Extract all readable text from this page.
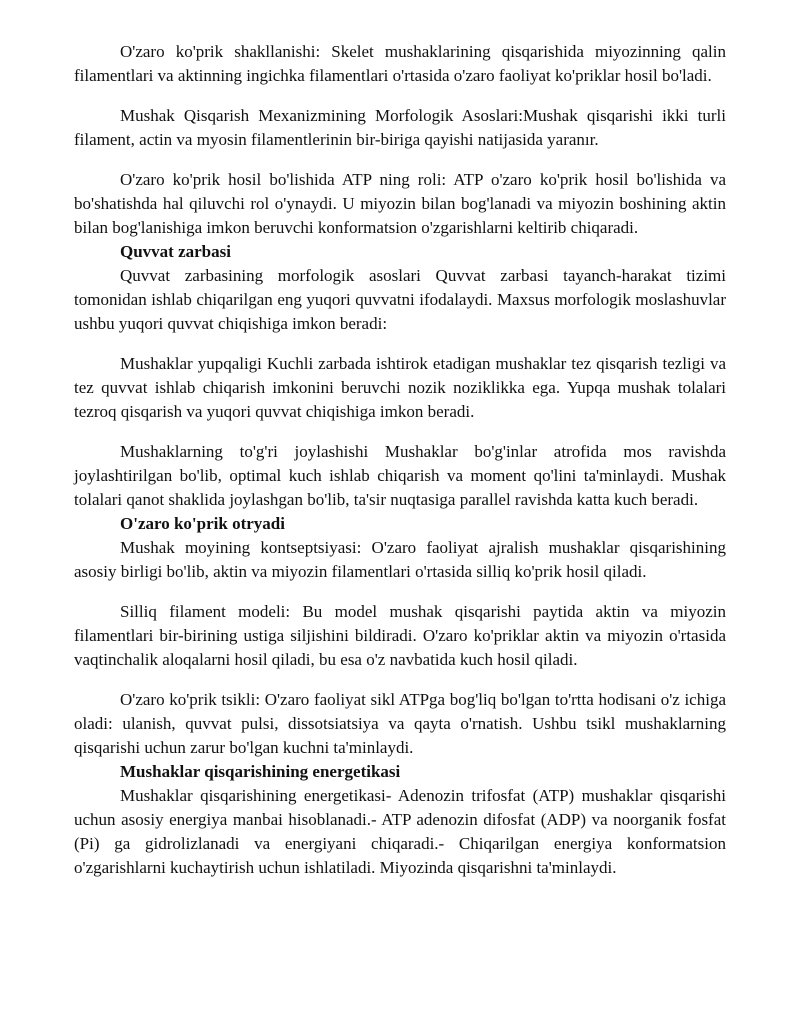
O'zaro ko'prik shakllanishi: Skelet mushaklarining qisqarishida miyozinning qalin filamentlari va aktinning ingichka filamentlari o'rtasida o'zaro faoliyat ko'priklar hosil bo'ladi.

Mushak Qisqarish Mexanizmining Morfologik Asoslari:Mushak qisqarishi ikki turli filament, actin va myosin filamentlerinin bir-biriga qayishi natijasida yaranır.

O'zaro ko'prik hosil bo'lishida ATP ning roli: ATP o'zaro ko'prik hosil bo'lishida va bo'shatishda hal qiluvchi rol o'ynaydi. U miyozin bilan bog'lanadi va miyozin boshining aktin bilan bog'lanishiga imkon beruvchi konformatsion o'zgarishlarni keltirib chiqaradi.

Quvvat zarbasi

Quvvat zarbasining morfologik asoslari Quvvat zarbasi tayanch-harakat tizimi tomonidan ishlab chiqarilgan eng yuqori quvvatni ifodalaydi. Maxsus morfologik moslashuvlar ushbu yuqori quvvat chiqishiga imkon beradi:

Mushaklar yupqaligi Kuchli zarbada ishtirok etadigan mushaklar tez qisqarish tezligi va tez quvvat ishlab chiqarish imkonini beruvchi nozik noziklikka ega. Yupqa mushak tolalari tezroq qisqarish va yuqori quvvat chiqishiga imkon beradi.

Mushaklarning to'g'ri joylashishi Mushaklar bo'g'inlar atrofida mos ravishda joylashtirilgan bo'lib, optimal kuch ishlab chiqarish va moment qo'lini ta'minlaydi. Mushak tolalari qanot shaklida joylashgan bo'lib, ta'sir nuqtasiga parallel ravishda katta kuch beradi.

O'zaro ko'prik otryadi

Mushak moyining kontseptsiyasi: O'zaro faoliyat ajralish mushaklar qisqarishining asosiy birligi bo'lib, aktin va miyozin filamentlari o'rtasida silliq ko'prik hosil qiladi.

Silliq filament modeli: Bu model mushak qisqarishi paytida aktin va miyozin filamentlari bir-birining ustiga siljishini bildiradi. O'zaro ko'priklar aktin va miyozin o'rtasida vaqtinchalik aloqalarni hosil qiladi, bu esa o'z navbatida kuch hosil qiladi.

O'zaro ko'prik tsikli: O'zaro faoliyat sikl ATPga bog'liq bo'lgan to'rtta hodisani o'z ichiga oladi: ulanish, quvvat pulsi, dissotsiatsiya va qayta o'rnatish. Ushbu tsikl mushaklarning qisqarishi uchun zarur bo'lgan kuchni ta'minlaydi.

Mushaklar qisqarishining energetikasi

Mushaklar qisqarishining energetikasi- Adenozin trifosfat (ATP) mushaklar qisqarishi uchun asosiy energiya manbai hisoblanadi.- ATP adenozin difosfat (ADP) va noorganik fosfat (Pi) ga gidrolizlanadi va energiyani chiqaradi.- Chiqarilgan energiya konformatsion o'zgarishlarni kuchaytirish uchun ishlatiladi. Miyozinda qisqarishni ta'minlaydi.
